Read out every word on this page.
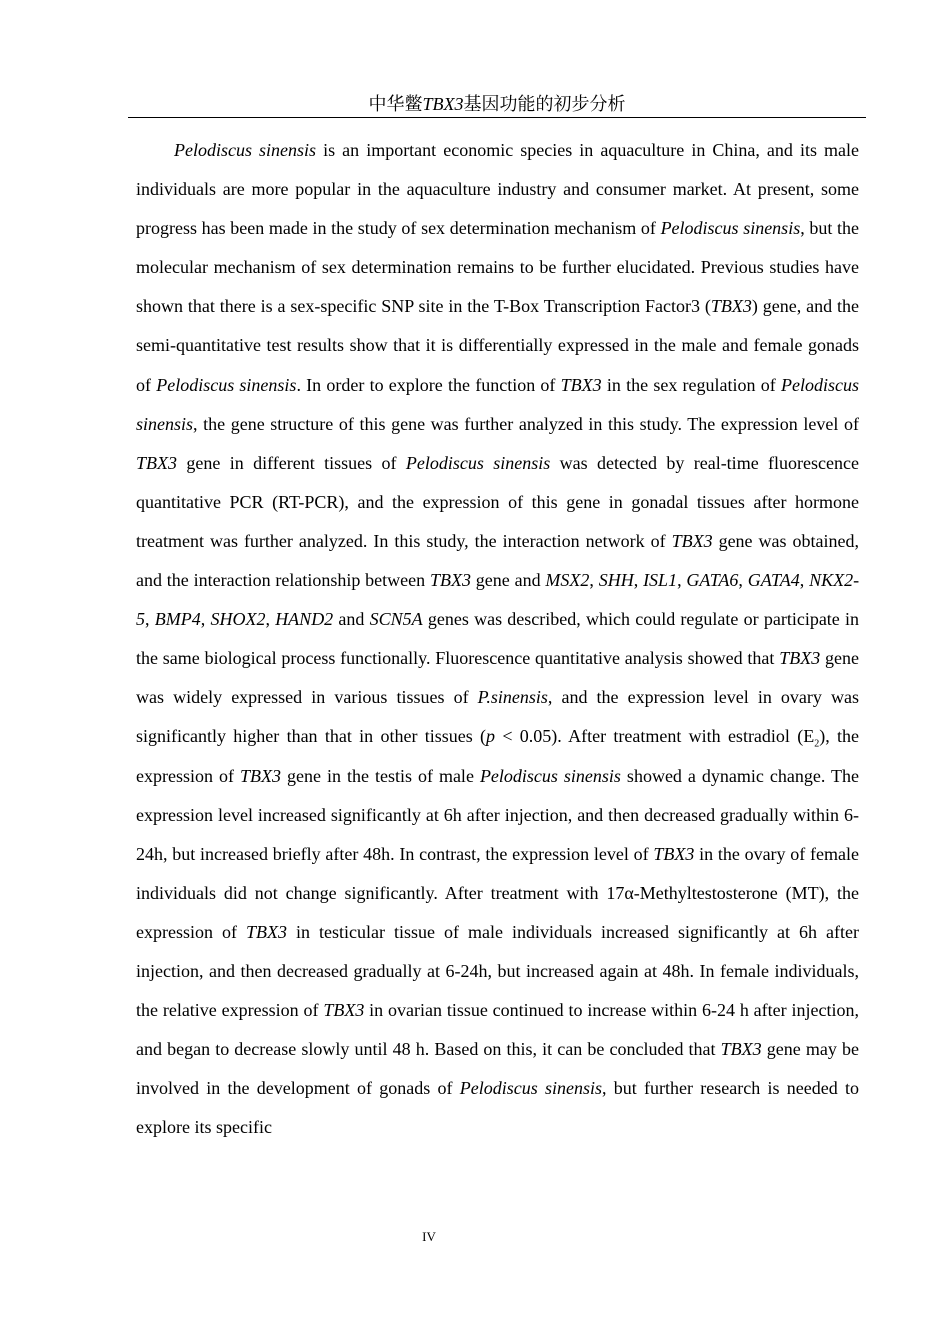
中华鳖TBX3基因功能的初步分析

Pelodiscus sinensis is an important economic species in aquaculture in China, and its male individuals are more popular in the aquaculture industry and consumer market. At present, some progress has been made in the study of sex determination mechanism of Pelodiscus sinensis, but the molecular mechanism of sex determination remains to be further elucidated. Previous studies have shown that there is a sex-specific SNP site in the T-Box Transcription Factor3 (TBX3) gene, and the semi-quantitative test results show that it is differentially expressed in the male and female gonads of Pelodiscus sinensis. In order to explore the function of TBX3 in the sex regulation of Pelodiscus sinensis, the gene structure of this gene was further analyzed in this study. The expression level of TBX3 gene in different tissues of Pelodiscus sinensis was detected by real-time fluorescence quantitative PCR (RT-PCR), and the expression of this gene in gonadal tissues after hormone treatment was further analyzed. In this study, the interaction network of TBX3 gene was obtained, and the interaction relationship between TBX3 gene and MSX2, SHH, ISL1, GATA6, GATA4, NKX2-5, BMP4, SHOX2, HAND2 and SCN5A genes was described, which could regulate or participate in the same biological process functionally. Fluorescence quantitative analysis showed that TBX3 gene was widely expressed in various tissues of P.sinensis, and the expression level in ovary was significantly higher than that in other tissues (p < 0.05). After treatment with estradiol $(E_2)$, the expression of TBX3 gene in the testis of male Pelodiscus sinensis showed a dynamic change. The expression level increased significantly at 6h after injection, and then decreased gradually within 6-24h, but increased briefly after 48h. In contrast, the expression level of TBX3 in the ovary of female individuals did not change significantly. After treatment with 17α-Methyltestosterone (MT), the expression of TBX3 in testicular tissue of male individuals increased significantly at 6h after injection, and then decreased gradually at 6-24h, but increased again at 48h. In female individuals, the relative expression of TBX3 in ovarian tissue continued to increase within 6-24 h after injection, and began to decrease slowly until 48 h. Based on this, it can be concluded that TBX3 gene may be involved in the development of gonads of Pelodiscus sinensis, but further research is needed to explore its specific

IV
